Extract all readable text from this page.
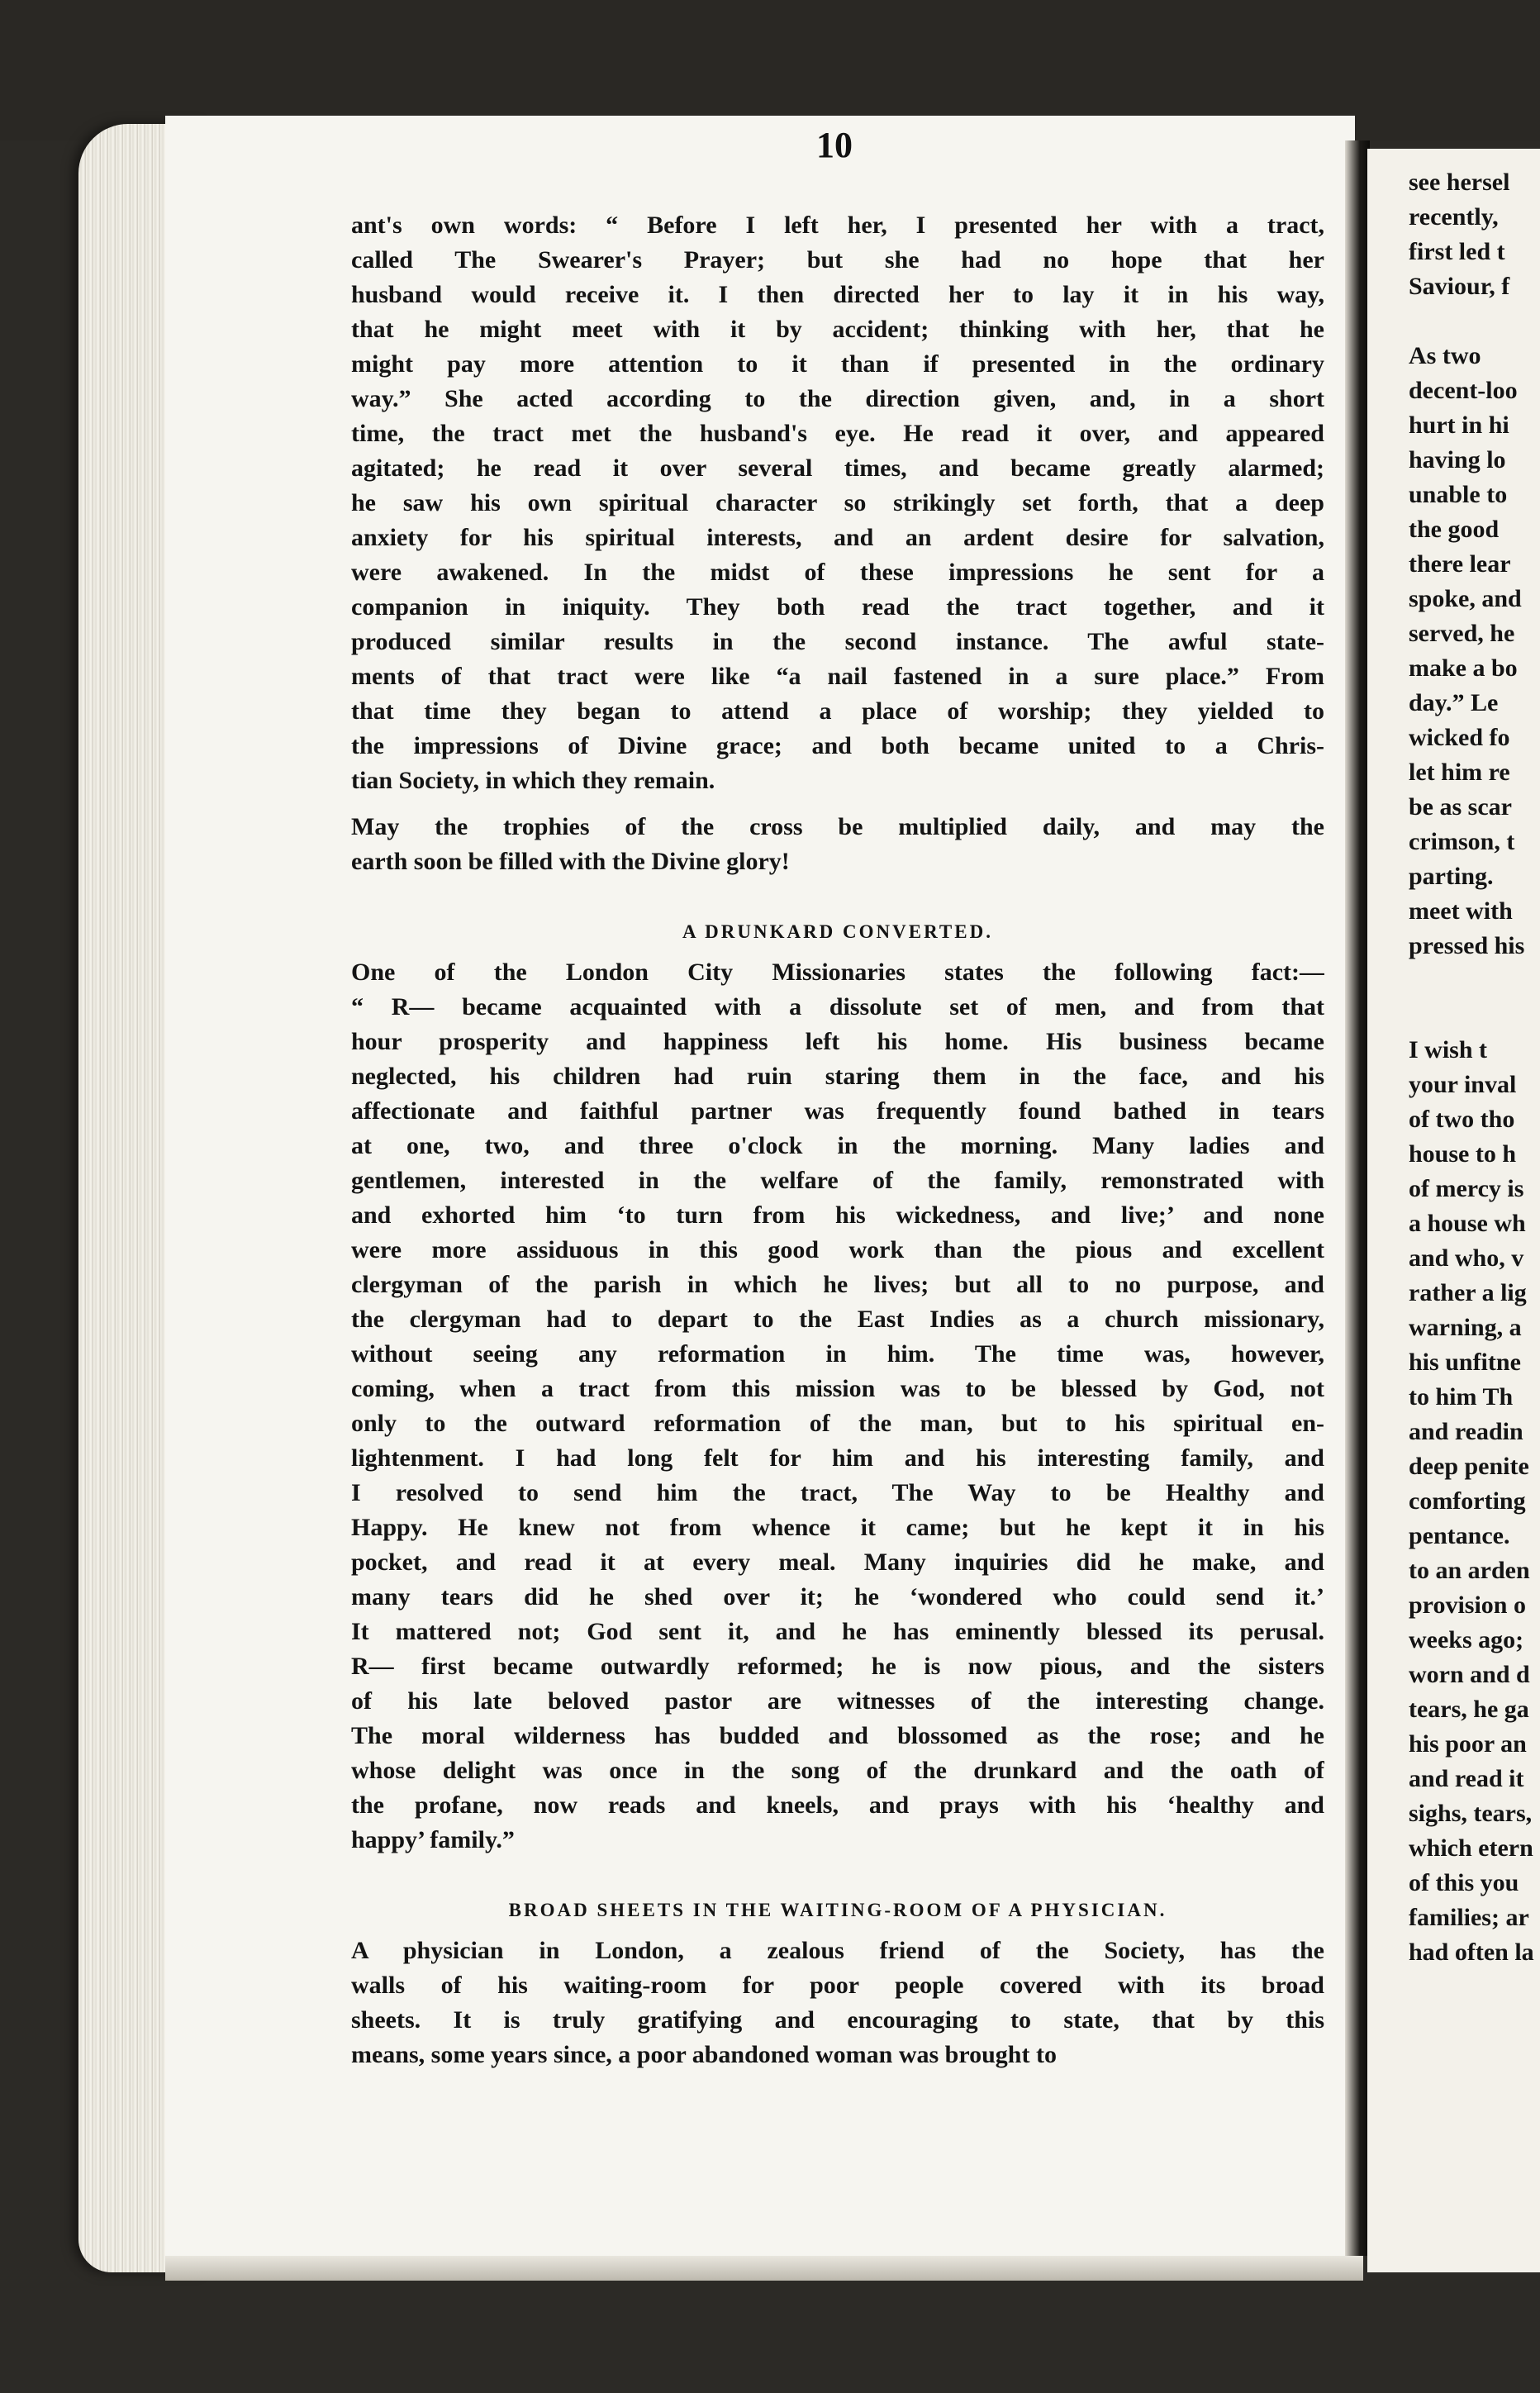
see hersel
recently,
first led t
Saviour, f
As two
decent-loo
hurt in hi
having lo
unable to
the good
there lear
spoke, and
served, he
make a bo
day.” Le
wicked fo
let him re
be as scar
crimson, t
parting.
meet with
pressed his
I wish t
your inval
of two tho
house to h
of mercy is
a house wh
and who, v
rather a lig
warning, a
his unfitne
to him Th
and readin
deep penite
comforting
pentance.
to an arden
provision o
weeks ago;
worn and d
tears, he ga
his poor an
and read it
sighs, tears,
which etern
of this you
families; ar
had often la
10
ant's own words: “ Before I left her, I presented her with a tract,
called The Swearer's Prayer; but she had no hope that her
husband would receive it. I then directed her to lay it in his way,
that he might meet with it by accident; thinking with her, that he
might pay more attention to it than if presented in the ordinary
way.” She acted according to the direction given, and, in a short
time, the tract met the husband's eye. He read it over, and appeared
agitated; he read it over several times, and became greatly alarmed;
he saw his own spiritual character so strikingly set forth, that a deep
anxiety for his spiritual interests, and an ardent desire for salvation,
were awakened. In the midst of these impressions he sent for a
companion in iniquity. They both read the tract together, and it
produced similar results in the second instance. The awful state-
ments of that tract were like “a nail fastened in a sure place.” From
that time they began to attend a place of worship; they yielded to
the impressions of Divine grace; and both became united to a Chris-
tian Society, in which they remain.
May the trophies of the cross be multiplied daily, and may the
earth soon be filled with the Divine glory!
A DRUNKARD CONVERTED.
One of the London City Missionaries states the following fact:—
“ R— became acquainted with a dissolute set of men, and from that
hour prosperity and happiness left his home. His business became
neglected, his children had ruin staring them in the face, and his
affectionate and faithful partner was frequently found bathed in tears
at one, two, and three o'clock in the morning. Many ladies and
gentlemen, interested in the welfare of the family, remonstrated with
and exhorted him ‘to turn from his wickedness, and live;’ and none
were more assiduous in this good work than the pious and excellent
clergyman of the parish in which he lives; but all to no purpose, and
the clergyman had to depart to the East Indies as a church missionary,
without seeing any reformation in him. The time was, however,
coming, when a tract from this mission was to be blessed by God, not
only to the outward reformation of the man, but to his spiritual en-
lightenment. I had long felt for him and his interesting family, and
I resolved to send him the tract, The Way to be Healthy and
Happy. He knew not from whence it came; but he kept it in his
pocket, and read it at every meal. Many inquiries did he make, and
many tears did he shed over it; he ‘wondered who could send it.’
It mattered not; God sent it, and he has eminently blessed its perusal.
R— first became outwardly reformed; he is now pious, and the sisters
of his late beloved pastor are witnesses of the interesting change.
The moral wilderness has budded and blossomed as the rose; and he
whose delight was once in the song of the drunkard and the oath of
the profane, now reads and kneels, and prays with his ‘healthy and
happy’ family.”
BROAD SHEETS IN THE WAITING-ROOM OF A PHYSICIAN.
A physician in London, a zealous friend of the Society, has the
walls of his waiting-room for poor people covered with its broad
sheets. It is truly gratifying and encouraging to state, that by this
means, some years since, a poor abandoned woman was brought to
